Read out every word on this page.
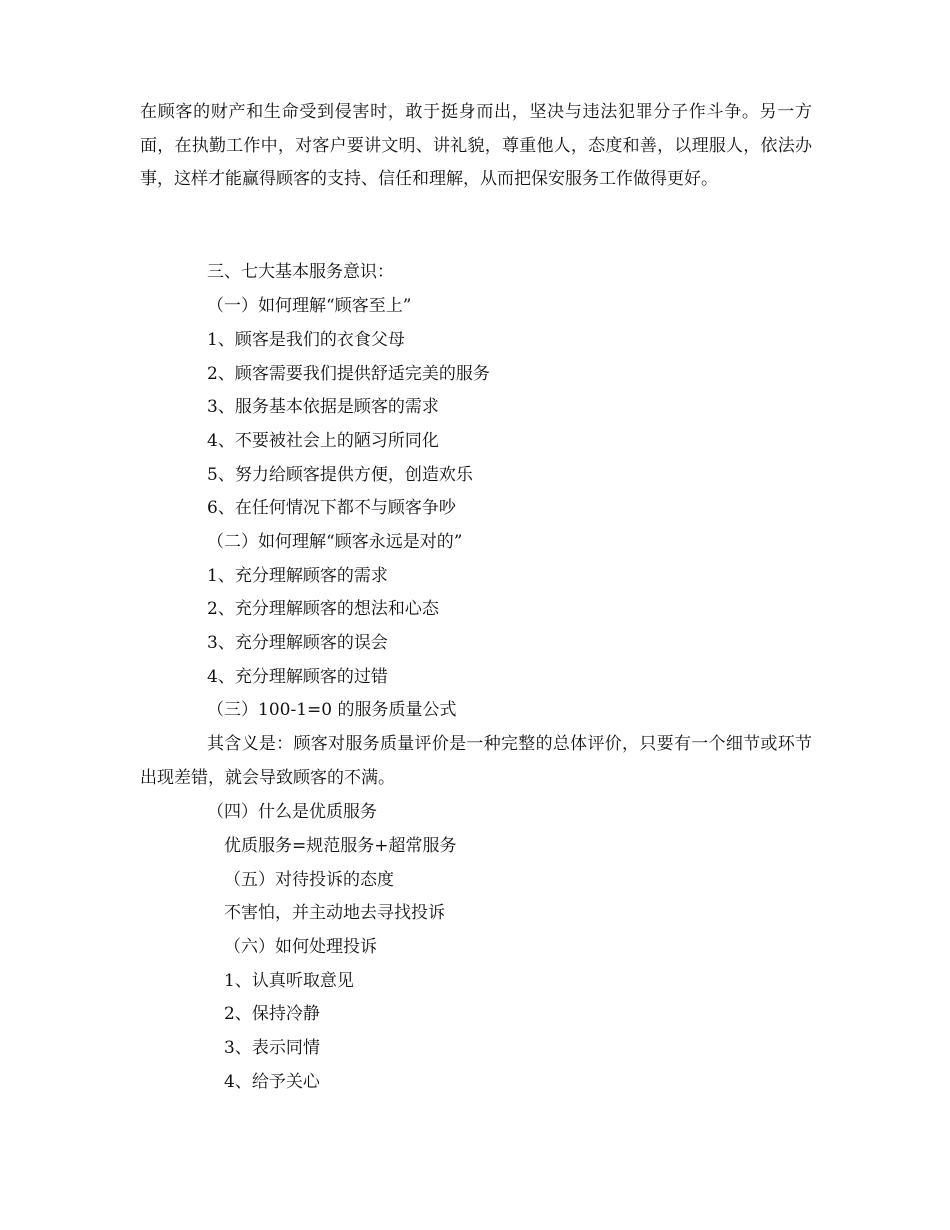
在顾客的财产和生命受到侵害时，敢于挺身而出，坚决与违法犯罪分子作斗争。另一方面，在执勤工作中，对客户要讲文明、讲礼貌，尊重他人，态度和善，以理服人，依法办事，这样才能赢得顾客的支持、信任和理解，从而把保安服务工作做得更好。
三、七大基本服务意识：
（一）如何理解“顾客至上”
1、顾客是我们的衣食父母
2、顾客需要我们提供舒适完美的服务
3、服务基本依据是顾客的需求
4、不要被社会上的陋习所同化
5、努力给顾客提供方便，创造欢乐
6、在任何情况下都不与顾客争吵
（二）如何理解“顾客永远是对的”
1、充分理解顾客的需求
2、充分理解顾客的想法和心态
3、充分理解顾客的误会
4、充分理解顾客的过错
（三）100-1=0 的服务质量公式
其含义是：顾客对服务质量评价是一种完整的总体评价，只要有一个细节或环节出现差错，就会导致顾客的不满。
（四）什么是优质服务
优质服务=规范服务+超常服务
（五）对待投诉的态度
不害怕，并主动地去寻找投诉
（六）如何处理投诉
1、认真听取意见
2、保持冷静
3、表示同情
4、给予关心
